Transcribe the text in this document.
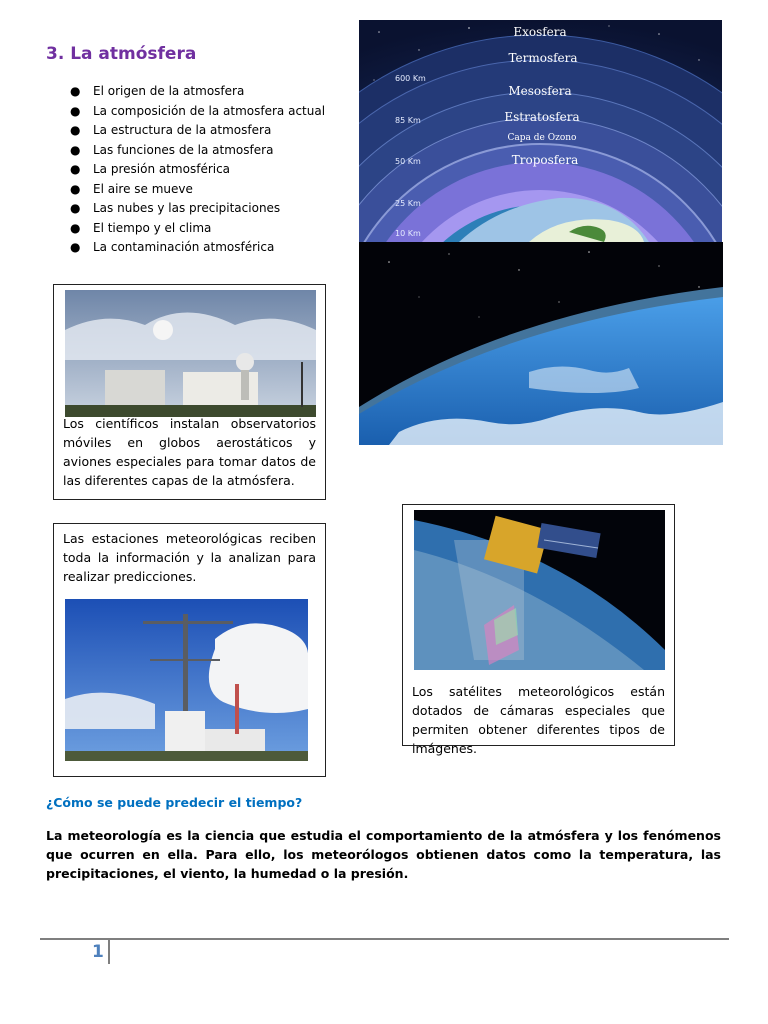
3. La atmósfera
● El origen de la atmosfera
● La composición de la atmosfera actual
● La estructura de la atmosfera
● Las funciones de la atmosfera
● La presión atmosférica
● El aire se mueve
● Las nubes y las precipitaciones
● El tiempo y el clima
● La contaminación atmosférica
Exosfera
Termosfera
Mesosfera
Estratosfera
Capa de Ozono
Troposfera
600 Km
85 Km
50 Km
25 Km
10 Km
Los científicos instalan observatorios móviles en globos aerostáticos y aviones especiales para tomar datos de las diferentes capas de la atmósfera.
Las estaciones meteorológicas reciben toda la información y la analizan para realizar predicciones.
Los satélites meteorológicos están dotados de cámaras especiales que permiten obtener diferentes tipos de imágenes.
¿Cómo se puede predecir el tiempo?
La meteorología es la ciencia que estudia el comportamiento de la atmósfera y los fenómenos que ocurren en ella. Para ello, los meteorólogos obtienen datos como la temperatura, las precipitaciones, el viento, la humedad o la presión.
1
